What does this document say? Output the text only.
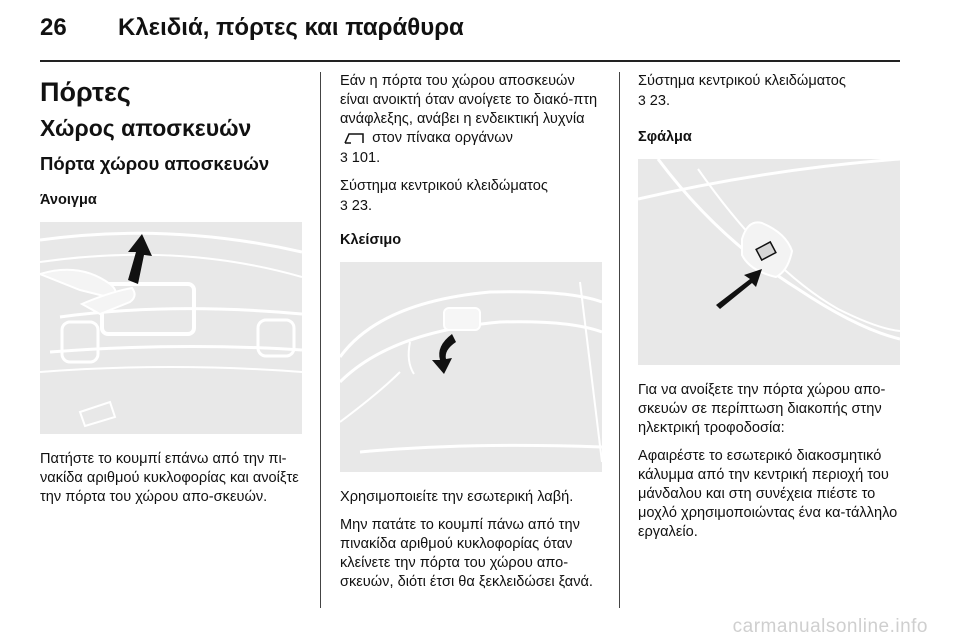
26 Κλειδιά, πόρτες και παράθυρα
Πόρτες
Χώρος αποσκευών
Πόρτα χώρου αποσκευών
Άνοιγμα

Πατήστε το κουμπί επάνω από την πι-νακίδα αριθμού κυκλοφορίας και ανοίξτε την πόρτα του χώρου απο-σκευών.

Εάν η πόρτα του χώρου αποσκευών είναι ανοικτή όταν ανοίγετε το διακό-πτη ανάφλεξης, ανάβει η ενδεικτική λυχνία  στον πίνακα οργάνων
3 101.

Σύστημα κεντρικού κλειδώματος
3 23.

Κλείσιμο

Χρησιμοποιείτε την εσωτερική λαβή.

Μην πατάτε το κουμπί πάνω από την πινακίδα αριθμού κυκλοφορίας όταν κλείνετε την πόρτα του χώρου απο-σκευών, διότι έτσι θα ξεκλειδώσει ξανά.

Σύστημα κεντρικού κλειδώματος
3 23.

Σφάλμα

Για να ανοίξετε την πόρτα χώρου απο-σκευών σε περίπτωση διακοπής στην ηλεκτρική τροφοδοσία:

Αφαιρέστε το εσωτερικό διακοσμητικό κάλυμμα από την κεντρική περιοχή του μάνδαλου και στη συνέχεια πιέστε το μοχλό χρησιμοποιώντας ένα κα-τάλληλο εργαλείο.

carmanualsonline.info
